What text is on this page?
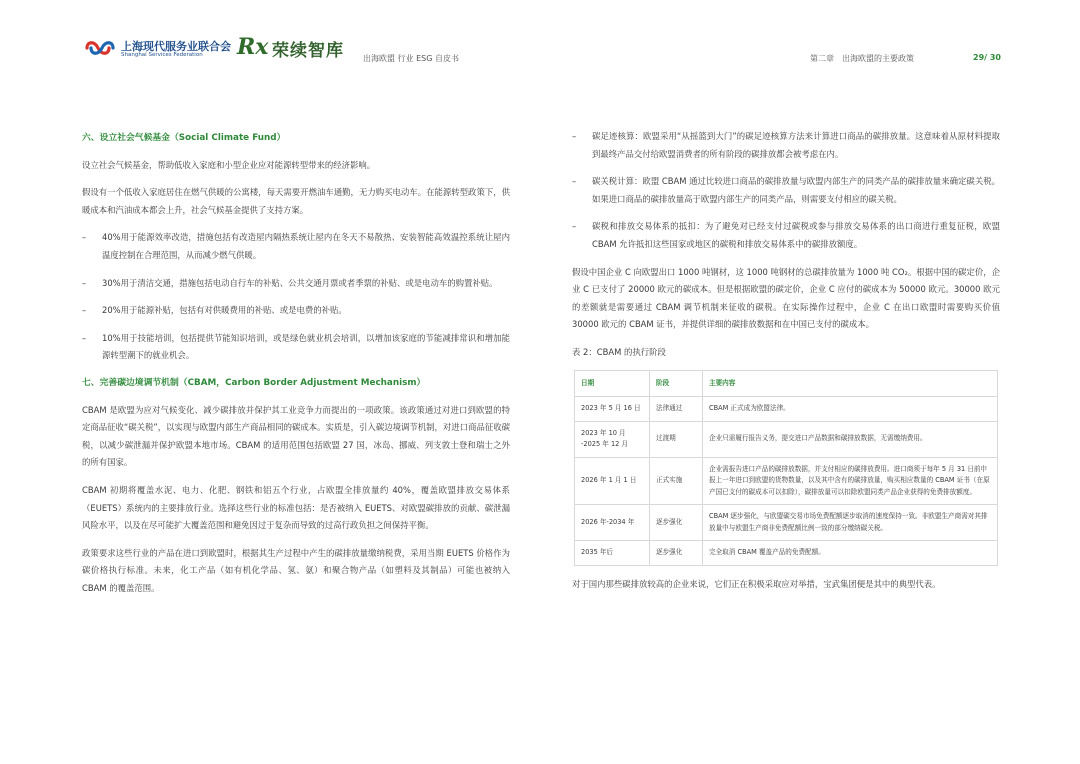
上海现代服务业联合会
Shanghai Services Federation Rx 荣续智库 出海欧盟 行业 ESG 自皮书	第二章　出海欧盟的主要政策	29/ 30
六、设立社会气候基金（Social Climate Fund）

设立社会气候基金，帮助低收入家庭和小型企业应对能源转型带来的经济影响。

假设有一个低收入家庭居住在燃气供暖的公寓楼，每天需要开燃油车通勤，无力购买电动车。在能源转型政策下，供暖成本和汽油成本都会上升，社会气候基金提供了支持方案。

– 40%用于能源效率改造，措施包括有改造屋内隔热系统让屋内在冬天不易散热、安装智能高效温控系统让屋内温度控制在合理范围，从而减少燃气供暖。
– 30%用于清洁交通，措施包括电动自行车的补贴、公共交通月票或者季票的补贴、或是电动车的购置补贴。
– 20%用于能源补贴，包括有对供暖费用的补贴、或是电费的补贴。
– 10%用于技能培训，包括提供节能知识培训，或是绿色就业机会培训，以增加该家庭的节能减排常识和增加能源转型潮下的就业机会。
七、完善碳边境调节机制（CBAM，Carbon Border Adjustment Mechanism）

CBAM 是欧盟为应对气候变化、减少碳排放并保护其工业竞争力而提出的一项政策。该政策通过对进口到欧盟的特定商品征收“碳关税”，以实现与欧盟内部生产商品相同的碳成本。实质是，引入碳边境调节机制，对进口商品征收碳税，以减少碳泄漏并保护欧盟本地市场。CBAM 的适用范围包括欧盟 27 国，冰岛、挪威、列支敦士登和瑞士之外的所有国家。

CBAM 初期将覆盖水泥、电力、化肥、钢铁和铝五个行业，占欧盟全排放量约 40%，覆盖欧盟排放交易体系（EUETS）系统内的主要排放行业。选择这些行业的标准包括：是否被纳入 EUETS、对欧盟碳排放的贡献、碳泄漏风险水平，以及在尽可能扩大覆盖范围和避免因过于复杂而导致的过高行政负担之间保持平衡。

政策要求这些行业的产品在进口到欧盟时，根据其生产过程中产生的碳排放量缴纳税费，采用当期 EUETS 价格作为碳价格执行标准。未来，化工产品（如有机化学品、氢、氨）和聚合物产品（如塑料及其制品）可能也被纳入 CBAM 的覆盖范围。

– 碳足迹核算：欧盟采用“从摇篮到大门”的碳足迹核算方法来计算进口商品的碳排放量。这意味着从原材料提取到最终产品交付给欧盟消费者的所有阶段的碳排放都会被考虑在内。
– 碳关税计算：欧盟 CBAM 通过比较进口商品的碳排放量与欧盟内部生产的同类产品的碳排放量来确定碳关税。如果进口商品的碳排放量高于欧盟内部生产的同类产品，则需要支付相应的碳关税。
– 碳税和排放交易体系的抵扣：为了避免对已经支付过碳税或参与排放交易体系的出口商进行重复征税，欧盟 CBAM 允许抵扣这些国家或地区的碳税和排放交易体系中的碳排放额度。

假设中国企业 C 向欧盟出口 1000 吨钢材，这 1000 吨钢材的总碳排放量为 1000 吨 CO₂。根据中国的碳定价，企业 C 已支付了 20000 欧元的碳成本。但是根据欧盟的碳定价，企业 C 应付的碳成本为 50000 欧元。30000 欧元的差额就是需要通过 CBAM 调节机制来征收的碳税。在实际操作过程中，企业 C 在出口欧盟时需要购买价值 30000 欧元的 CBAM 证书，并提供详细的碳排放数据和在中国已支付的碳成本。

表 2：CBAM 的执行阶段
日期	阶段	主要内容
2023 年 5 月 16 日	法律通过	CBAM 正式成为欧盟法律。
2023 年 10 月 -2025 年 12 月	过渡期	企业只需履行报告义务，提交进口产品数据和碳排放数据，无需缴纳费用。
2026 年 1 月 1 日	正式实施	企业需报告进口产品的碳排放数据，并支付相应的碳排放费用。进口商须于每年 5 月 31 日前申报上一年进口到欧盟的货物数量，以及其中含有的碳排放量，购买相应数量的 CBAM 证书（在原产国已支付的碳成本可以扣除），碳排放量可以扣除欧盟同类产品企业获得的免费排放额度。
2026 年-2034 年	逐步强化	CBAM 逐步强化，与欧盟碳交易市场免费配额逐步取消的速度保持一致。非欧盟生产商需对其排放量中与欧盟生产商非免费配额比例一致的部分缴纳碳关税。
2035 年后	逐步强化	完全取消 CBAM 覆盖产品的免费配额。

对于国内那些碳排放较高的企业来说，它们正在积极采取应对举措，宝武集团便是其中的典型代表。
